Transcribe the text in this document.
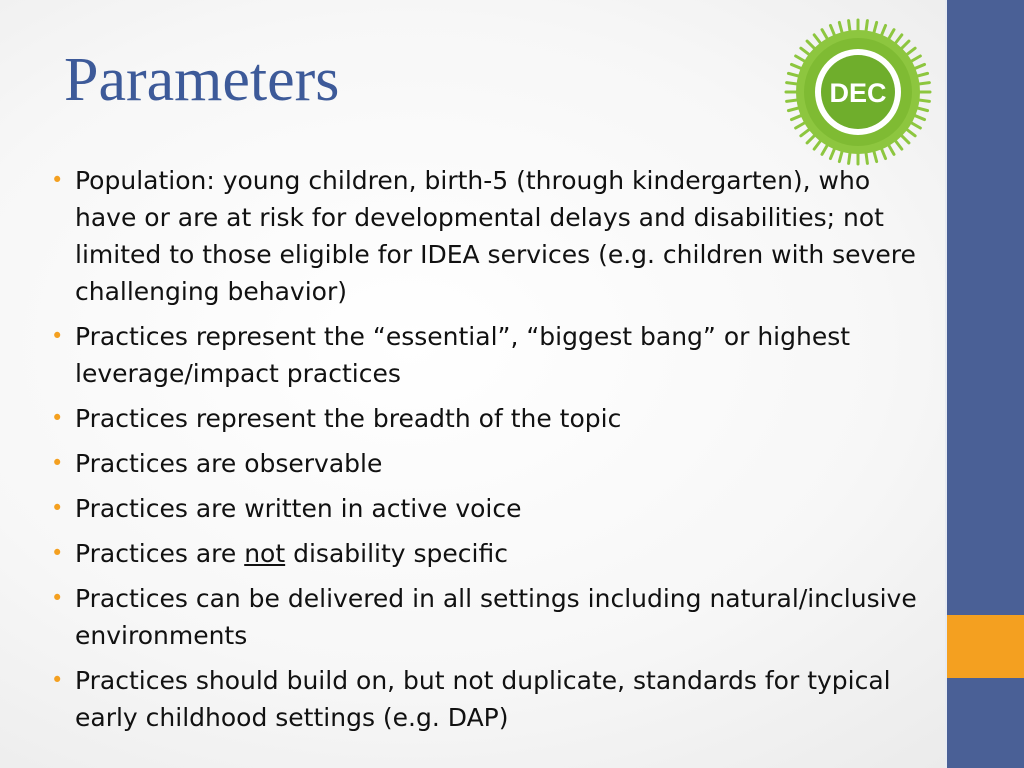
Parameters	DEC
• Population: young children, birth-5 (through kindergarten), who have or are at risk for developmental delays and disabilities; not limited to those eligible for IDEA services (e.g. children with severe challenging behavior)
• Practices represent the “essential”, “biggest bang” or highest leverage/impact practices
• Practices represent the breadth of the topic
• Practices are observable
• Practices are written in active voice
• Practices are not disability specific
• Practices can be delivered in all settings including natural/inclusive environments
• Practices should build on, but not duplicate, standards for typical early childhood settings (e.g. DAP)
